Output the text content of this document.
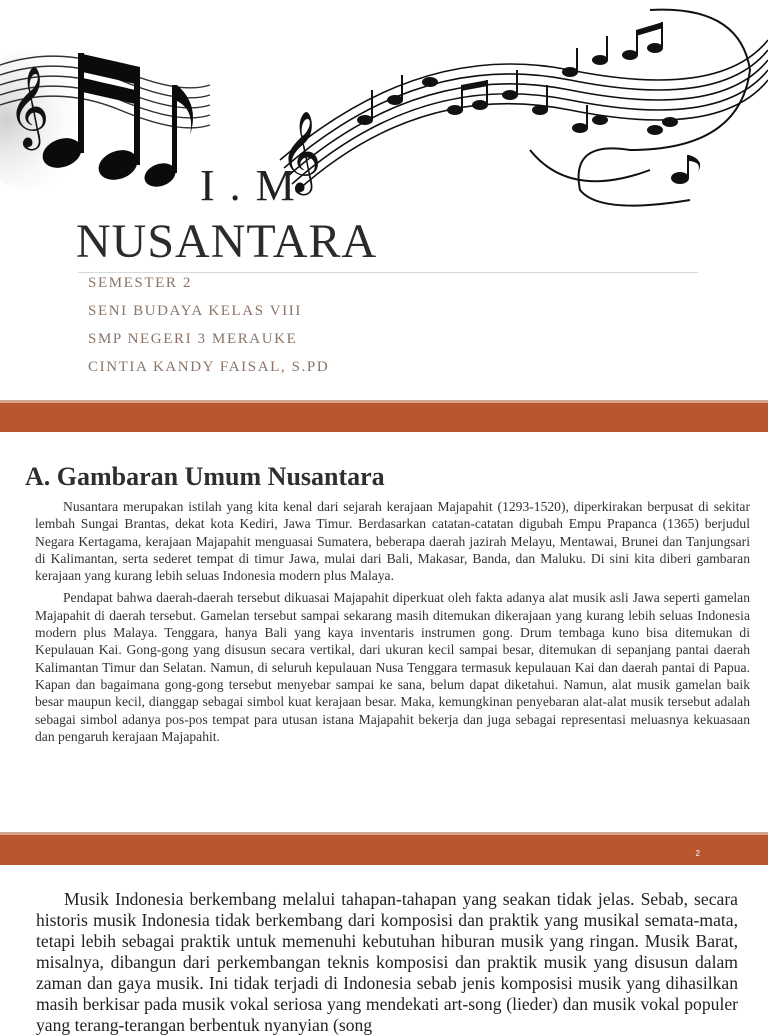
𝄞
𝄞
I . M
NUSANTARA
SEMESTER 2
SENI BUDAYA KELAS VIII
SMP NEGERI 3 MERAUKE
CINTIA KANDY FAISAL, S.PD
A. Gambaran Umum Nusantara

Nusantara merupakan istilah yang kita kenal dari sejarah kerajaan Majapahit (1293-1520), diperkirakan berpusat di sekitar lembah Sungai Brantas, dekat kota Kediri, Jawa Timur. Berdasarkan catatan-catatan digubah Empu Prapanca (1365) berjudul Negara Kertagama, kerajaan Majapahit menguasai Sumatera, beberapa daerah jazirah Melayu, Mentawai, Brunei dan Tanjungsari di Kalimantan, serta sederet tempat di timur Jawa, mulai dari Bali, Makasar, Banda, dan Maluku. Di sini kita diberi gambaran kerajaan yang kurang lebih seluas Indonesia modern plus Malaya.

Pendapat bahwa daerah-daerah tersebut dikuasai Majapahit diperkuat oleh fakta adanya alat musik asli Jawa seperti gamelan Majapahit di daerah tersebut. Gamelan tersebut sampai sekarang masih ditemukan dikerajaan yang kurang lebih seluas Indonesia modern plus Malaya. Tenggara, hanya Bali yang kaya inventaris instrumen gong. Drum tembaga kuno bisa ditemukan di Kepulauan Kai. Gong-gong yang disusun secara vertikal, dari ukuran kecil sampai besar, ditemukan di sepanjang pantai daerah Kalimantan Timur dan Selatan. Namun, di seluruh kepulauan Nusa Tenggara termasuk kepulauan Kai dan daerah pantai di Papua. Kapan dan bagaimana gong-gong tersebut menyebar sampai ke sana, belum dapat diketahui. Namun, alat musik gamelan baik besar maupun kecil, dianggap sebagai simbol kuat kerajaan besar. Maka, kemungkinan penyebaran alat-alat musik tersebut adalah sebagai simbol adanya pos-pos tempat para utusan istana Majapahit bekerja dan juga sebagai representasi meluasnya kekuasaan dan pengaruh kerajaan Majapahit.

2

Musik Indonesia berkembang melalui tahapan-tahapan yang seakan tidak jelas. Sebab, secara historis musik Indonesia tidak berkembang dari komposisi dan praktik yang musikal semata-mata, tetapi lebih sebagai praktik untuk memenuhi kebutuhan hiburan musik yang ringan. Musik Barat, misalnya, dibangun dari perkembangan teknis komposisi dan praktik musik yang disusun dalam zaman dan gaya musik. Ini tidak terjadi di Indonesia sebab jenis komposisi musik yang dihasilkan masih berkisar pada musik vokal seriosa yang mendekati art-song (lieder) dan musik vokal populer yang terang-terangan berbentuk nyanyian (song
